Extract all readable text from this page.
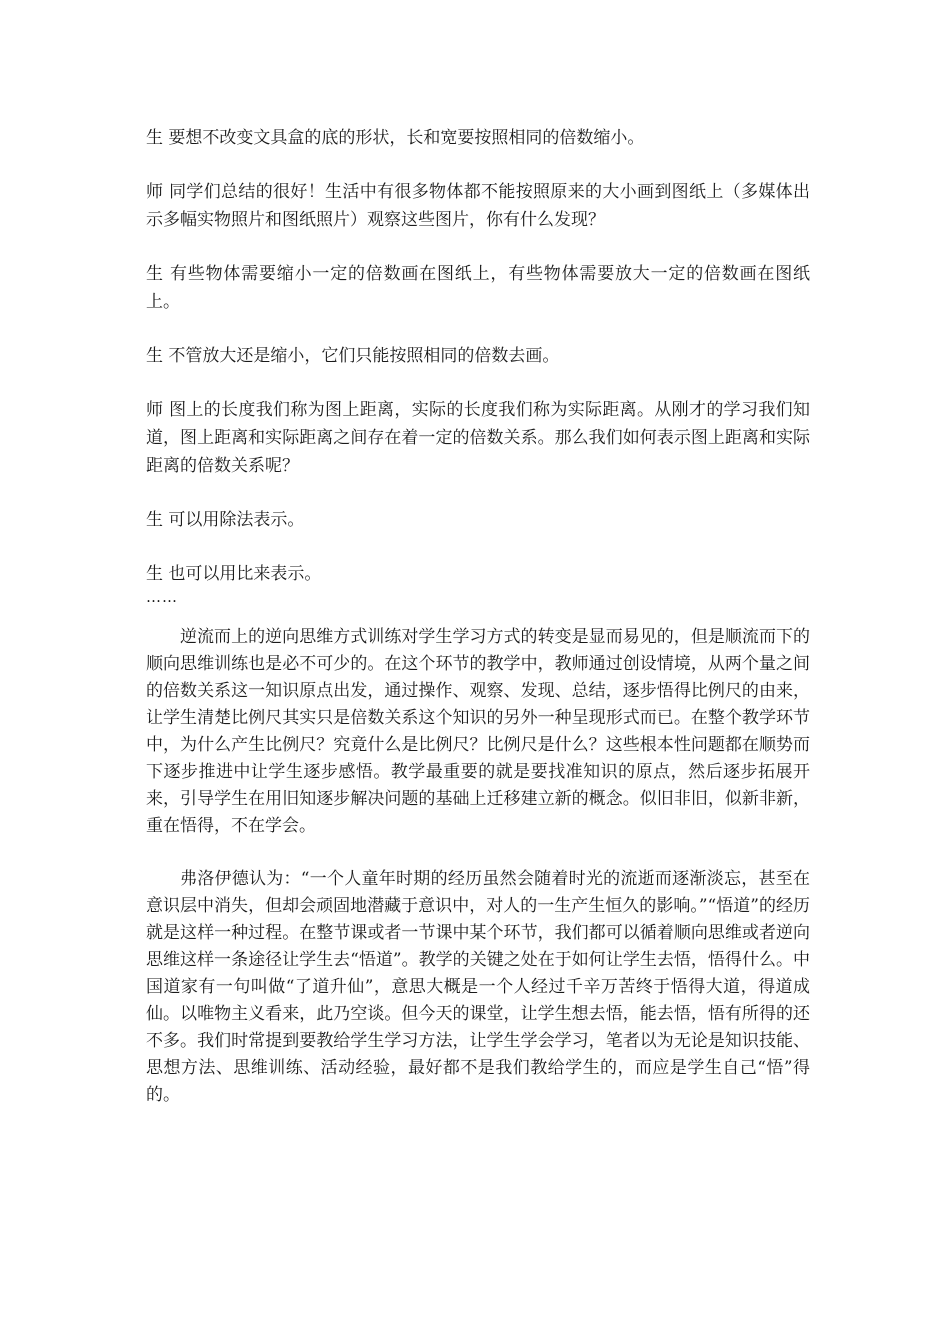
生 要想不改变文具盒的底的形状，长和宽要按照相同的倍数缩小。

师 同学们总结的很好！生活中有很多物体都不能按照原来的大小画到图纸上（多媒体出示多幅实物照片和图纸照片）观察这些图片，你有什么发现？

生 有些物体需要缩小一定的倍数画在图纸上，有些物体需要放大一定的倍数画在图纸上。

生 不管放大还是缩小，它们只能按照相同的倍数去画。

师 图上的长度我们称为图上距离，实际的长度我们称为实际距离。从刚才的学习我们知道，图上距离和实际距离之间存在着一定的倍数关系。那么我们如何表示图上距离和实际距离的倍数关系呢？

生 可以用除法表示。

生 也可以用比来表示。

……

逆流而上的逆向思维方式训练对学生学习方式的转变是显而易见的，但是顺流而下的顺向思维训练也是必不可少的。在这个环节的教学中，教师通过创设情境，从两个量之间的倍数关系这一知识原点出发，通过操作、观察、发现、总结，逐步悟得比例尺的由来，让学生清楚比例尺其实只是倍数关系这个知识的另外一种呈现形式而已。在整个教学环节中，为什么产生比例尺？究竟什么是比例尺？比例尺是什么？这些根本性问题都在顺势而下逐步推进中让学生逐步感悟。教学最重要的就是要找准知识的原点，然后逐步拓展开来，引导学生在用旧知逐步解决问题的基础上迁移建立新的概念。似旧非旧，似新非新，重在悟得，不在学会。

弗洛伊德认为：“一个人童年时期的经历虽然会随着时光的流逝而逐渐淡忘，甚至在意识层中消失，但却会顽固地潜藏于意识中，对人的一生产生恒久的影响。”“悟道”的经历就是这样一种过程。在整节课或者一节课中某个环节，我们都可以循着顺向思维或者逆向思维这样一条途径让学生去“悟道”。教学的关键之处在于如何让学生去悟，悟得什么。中国道家有一句叫做“了道升仙”，意思大概是一个人经过千辛万苦终于悟得大道，得道成仙。以唯物主义看来，此乃空谈。但今天的课堂，让学生想去悟，能去悟，悟有所得的还不多。我们时常提到要教给学生学习方法，让学生学会学习，笔者以为无论是知识技能、思想方法、思维训练、活动经验，最好都不是我们教给学生的，而应是学生自己“悟”得的。
